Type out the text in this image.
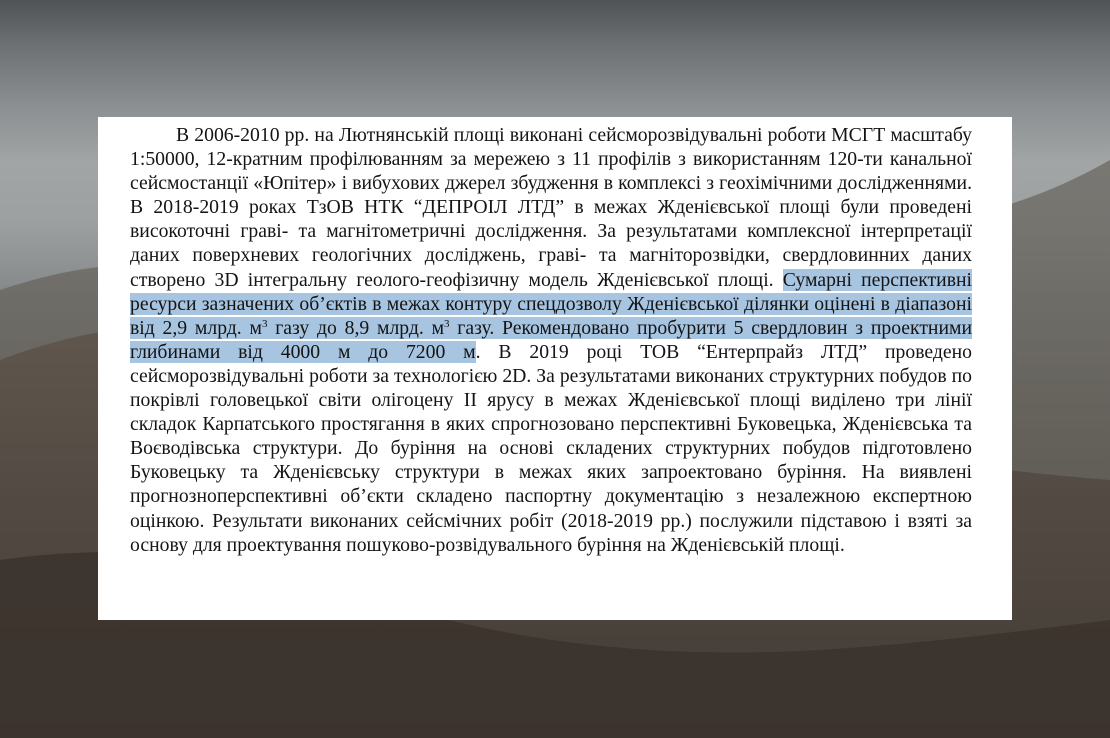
В 2006-2010 рр. на Лютнянській площі виконані сейсморозвідувальні роботи МСГТ масштабу 1:50000, 12-кратним профілюванням за мережею з 11 профілів з використанням 120-ти канальної сейсмостанції «Юпітер» і вибухових джерел збудження в комплексі з геохімічними дослідженнями. В 2018-2019 роках ТзОВ НТК “ДЕПРОІЛ ЛТД” в межах Жденієвської площі були проведені високоточні граві- та магнітометричні дослідження. За результатами комплексної інтерпретації даних поверхневих геологічних досліджень, граві- та магніторозвідки, свердловинних даних створено 3D інтегральну геолого-геофізичну модель Жденієвської площі. Сумарні перспективні ресурси зазначених об’єктів в межах контуру спецдозволу Жденієвської ділянки оцінені в діапазоні від 2,9 млрд. $м^3$ газу до 8,9 млрд. $м^3$ газу. Рекомендовано пробурити 5 свердловин з проектними глибинами від 4000 м до 7200 м. В 2019 році ТОВ “Ентерпрайз ЛТД” проведено сейсморозвідувальні роботи за технологією 2D. За результатами виконаних структурних побудов по покрівлі головецької світи олігоцену ІІ ярусу в межах Жденієвської площі виділено три лінії складок Карпатського простягання в яких спрогнозовано перспективні Буковецька, Жденієвська та Воєводівська структури. До буріння на основі складених структурних побудов підготовлено Буковецьку та Жденієвську структури в межах яких запроектовано буріння. На виявлені прогнозноперспективні об’єкти складено паспортну документацію з незалежною експертною оцінкою. Результати виконаних сейсмічних робіт (2018-2019 рр.) послужили підставою і взяті за основу для проектування пошуково-розвідувального буріння на Жденієвській площі.
